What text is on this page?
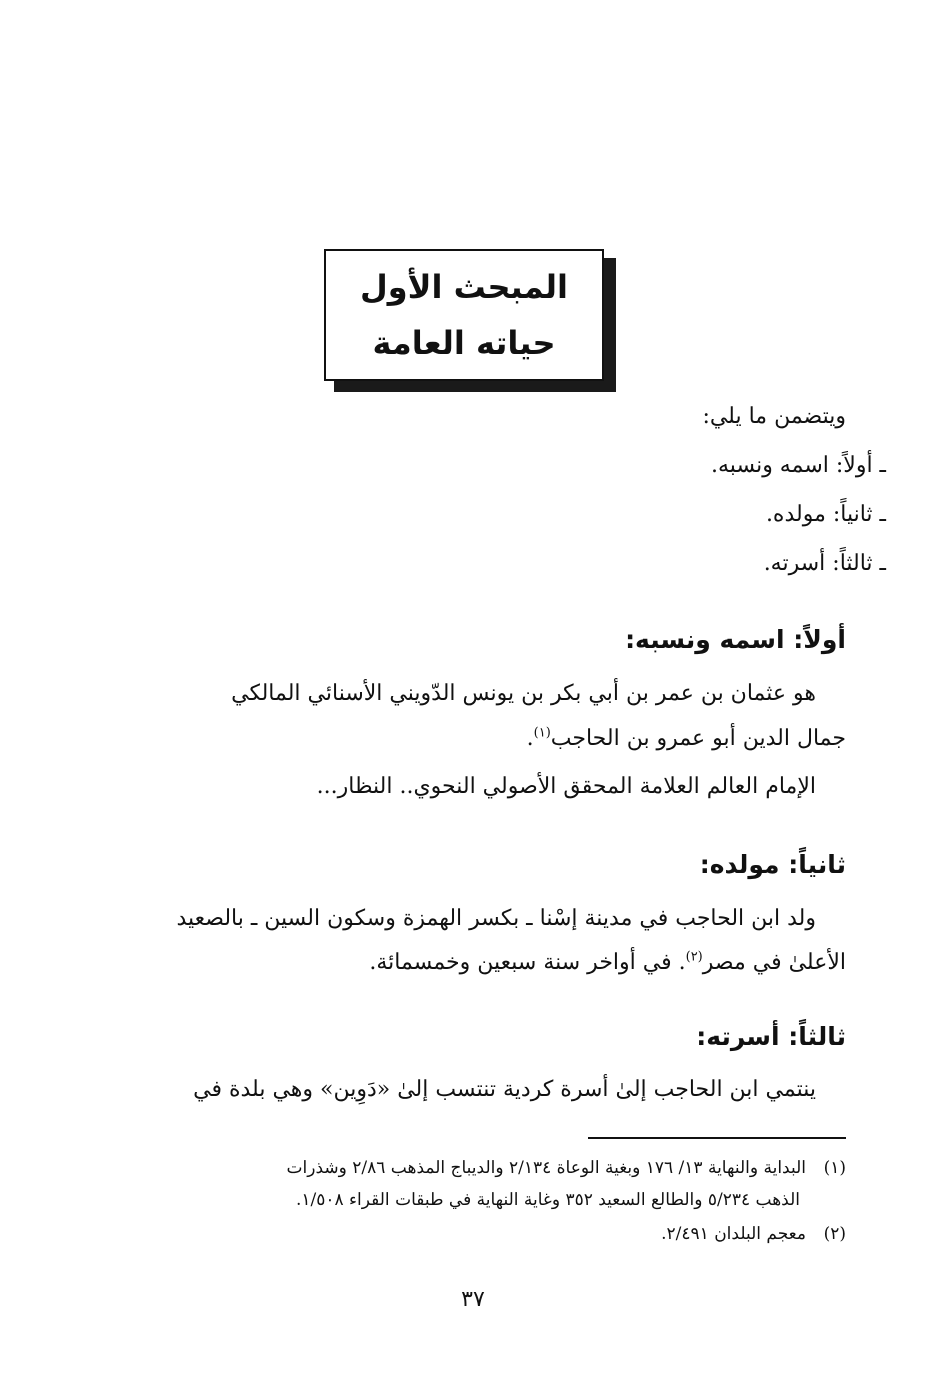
المبحث الأول
حياته العامة
ويتضمن ما يلي:
ـ أولاً: اسمه ونسبه.
ـ ثانياً: مولده.
ـ ثالثاً: أسرته.
أولاً: اسمه ونسبه:
هو عثمان بن عمر بن أبي بكر بن يونس الدّويني الأسنائي المالكي
جمال الدين أبو عمرو بن الحاجب$^{(١)}$.
الإمام العالم العلامة المحقق الأصولي النحوي.. النظار...
ثانياً: مولده:
ولد ابن الحاجب في مدينة إسْنا ـ بكسر الهمزة وسكون السين ـ بالصعيد
الأعلىٰ في مصر$^{(٢)}$. في أواخر سنة سبعين وخمسمائة.
ثالثاً: أسرته:
ينتمي ابن الحاجب إلىٰ أسرة كردية تنتسب إلىٰ «دَوِين» وهي بلدة في
(١)البداية والنهاية ١٣/ ١٧٦ وبغية الوعاة ٢/١٣٤ والديباج المذهب ٢/٨٦ وشذرات
الذهب ٥/٢٣٤ والطالع السعيد ٣٥٢ وغاية النهاية في طبقات القراء ١/٥٠٨.
(٢)معجم البلدان ٢/٤٩١.
٣٧
